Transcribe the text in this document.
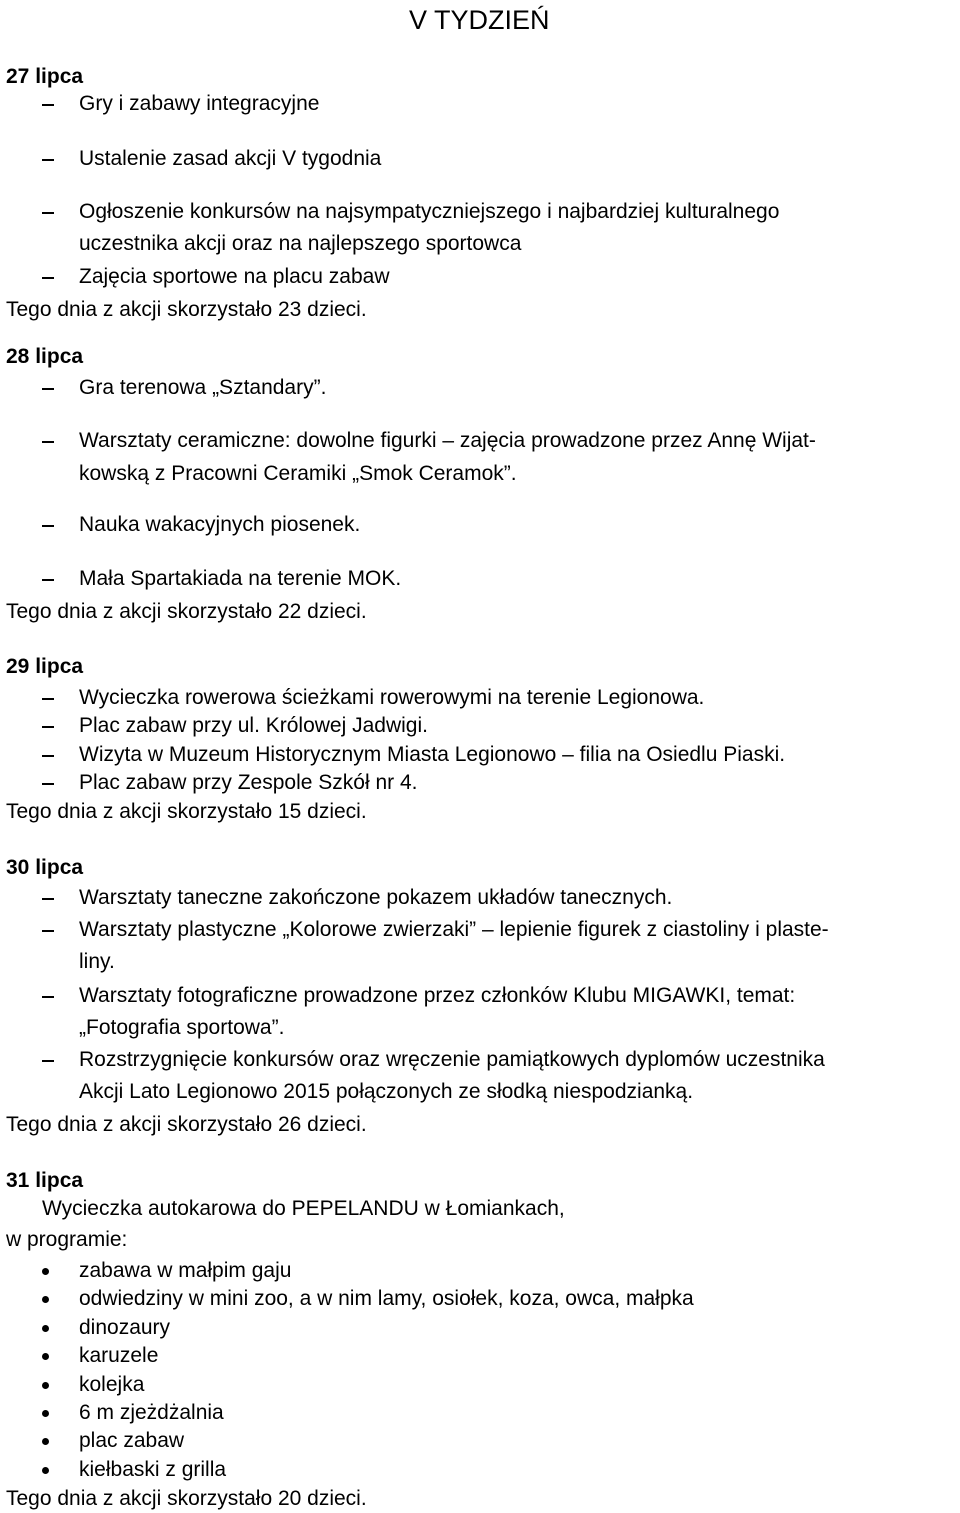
V TYDZIEŃ
27 lipca
Gry i zabawy integracyjne
Ustalenie zasad akcji V tygodnia
Ogłoszenie konkursów na najsympatyczniejszego i najbardziej kulturalnego
uczestnika akcji oraz na najlepszego sportowca
Zajęcia sportowe na placu zabaw
Tego dnia z akcji skorzystało 23 dzieci.
28 lipca
Gra terenowa „Sztandary”.
Warsztaty ceramiczne: dowolne figurki – zajęcia prowadzone przez Annę Wijat-
kowską z Pracowni Ceramiki „Smok Ceramok”.
Nauka wakacyjnych piosenek.
Mała Spartakiada na terenie MOK.
Tego dnia z akcji skorzystało 22 dzieci.
29 lipca
Wycieczka rowerowa ścieżkami rowerowymi na terenie Legionowa.
Plac zabaw przy ul. Królowej Jadwigi.
Wizyta w Muzeum Historycznym Miasta Legionowo – filia na Osiedlu Piaski.
Plac zabaw przy Zespole Szkół nr 4.
Tego dnia z akcji skorzystało 15 dzieci.
30 lipca
Warsztaty taneczne zakończone pokazem układów tanecznych.
Warsztaty plastyczne „Kolorowe zwierzaki” – lepienie figurek z ciastoliny i plaste-
liny.
Warsztaty fotograficzne prowadzone przez członków Klubu MIGAWKI, temat:
„Fotografia sportowa”.
Rozstrzygnięcie konkursów oraz wręczenie pamiątkowych dyplomów uczestnika
Akcji Lato Legionowo 2015 połączonych ze słodką niespodzianką.
Tego dnia z akcji skorzystało 26 dzieci.
31 lipca
Wycieczka autokarowa do PEPELANDU w Łomiankach,
w programie:
zabawa w małpim gaju
odwiedziny w mini zoo, a w nim lamy, osiołek, koza, owca, małpka
dinozaury
karuzele
kolejka
6 m zjeżdżalnia
plac zabaw
kiełbaski z grilla
Tego dnia z akcji skorzystało 20 dzieci.
